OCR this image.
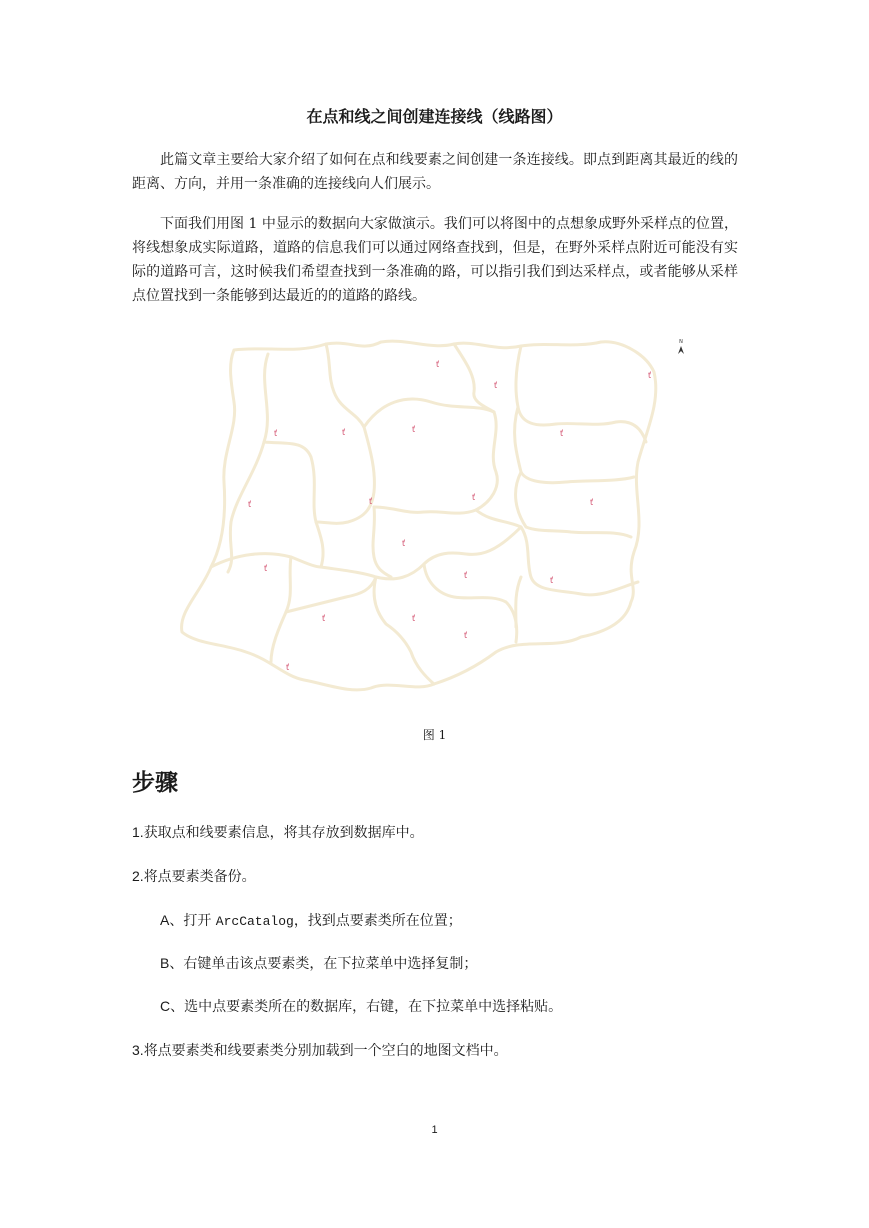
在点和线之间创建连接线（线路图）

此篇文章主要给大家介绍了如何在点和线要素之间创建一条连接线。即点到距离其最近的线的距离、方向，并用一条准确的连接线向人们展示。

下面我们用图 1 中显示的数据向大家做演示。我们可以将图中的点想象成野外采样点的位置，将线想象成实际道路，道路的信息我们可以通过网络查找到，但是，在野外采样点附近可能没有实际的道路可言，这时候我们希望查找到一条准确的路，可以指引我们到达采样点，或者能够从采样点位置找到一条能够到达最近的的道路的路线。

N
ť
ť
ť
ť	ť	ť	ť
ť	ť	ť
ť
ť
ť
ť
ť
ť	ť
ť
ť
图 1
步骤
1.获取点和线要素信息，将其存放到数据库中。
2.将点要素类备份。
A、打开 ArcCatalog，找到点要素类所在位置；
B、右键单击该点要素类，在下拉菜单中选择复制；
C、选中点要素类所在的数据库，右键，在下拉菜单中选择粘贴。
3.将点要素类和线要素类分别加载到一个空白的地图文档中。
1
